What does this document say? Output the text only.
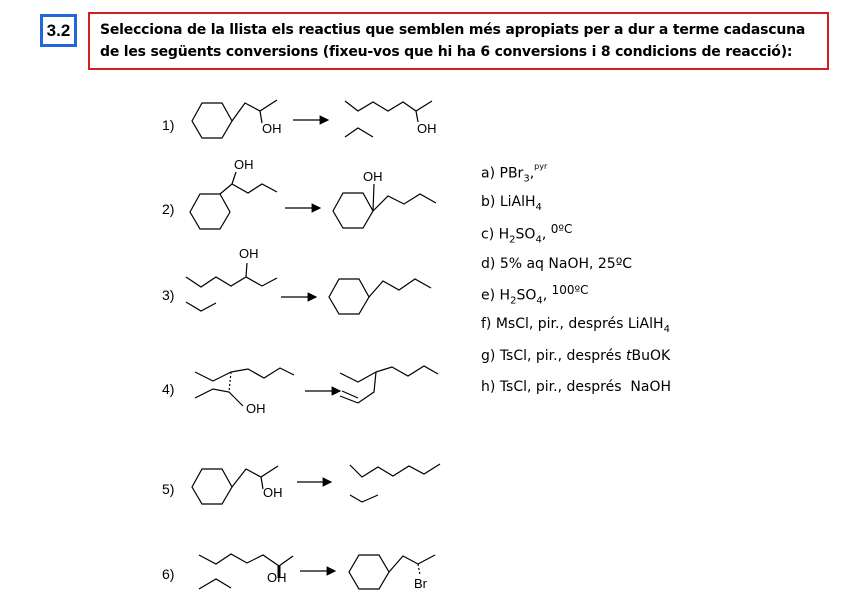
3.2	Selecciona de la llista els reactius que semblen més apropiats per a dur a terme cadascuna de les següents conversions (fixeu-vos que hi ha 6 conversions i 8 condicions de reacció):
1)
2)
3)
4)
5)
6)
OH	OH
OH
OH
OH
OH
OH
OH	Br
a) PBr$_3$,$^{pyr}$
b) LiAlH$_4$
c) $H_2SO_4$, $^{0ºC}$
d) 5% aq NaOH, 25ºC
e) $H_2SO_4$, $^{100ºC}$
f) MsCl, pir., després LiAlH$_4$
g) TsCl, pir., després tBuOK
h) TsCl, pir., després  NaOH
